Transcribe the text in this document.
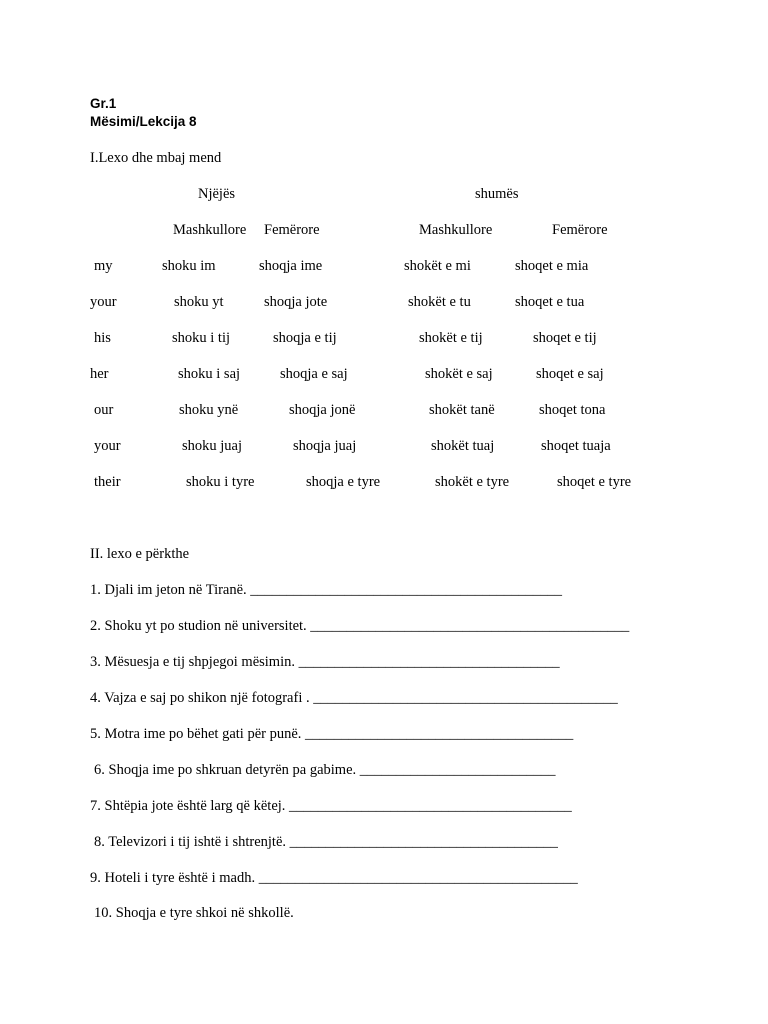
Gr.1
Mësimi/Lekcija 8
I.Lexo dhe mbaj mend
Njëjës	shumës
Mashkullore Femërore	Mashkullore	Femërore
my	shoku im	shoqja ime	shokët e mi	shoqet e mia
your	shoku yt	shoqja jote	shokët e tu	shoqet e tua
his	shoku i tij	shoqja e tij	shokët e tij	shoqet e tij
her	shoku i saj	shoqja e saj	shokët e saj	shoqet e saj
our	shoku ynë	shoqja jonë	shokët tanë	shoqet tona
your	shoku juaj	shoqja juaj	shokët tuaj	shoqet tuaja
their	shoku i tyre	shoqja e tyre	shokët e tyre	shoqet e tyre
II. lexo e përkthe
1. Djali im jeton në Tiranë. ___________________________________________
2. Shoku yt po studion në universitet. ____________________________________________
3. Mësuesja e tij shpjegoi mësimin. ____________________________________
4. Vajza e saj po shikon një fotografi . __________________________________________
5. Motra ime po bëhet gati për punë. _____________________________________
6. Shoqja ime po shkruan detyrën pa gabime. ___________________________
7. Shtëpia jote është larg që këtej. _______________________________________
8. Televizori i tij ishtë i shtrenjtë. _____________________________________
9. Hoteli i tyre është i madh. ____________________________________________
10. Shoqja e tyre shkoi në shkollë.
